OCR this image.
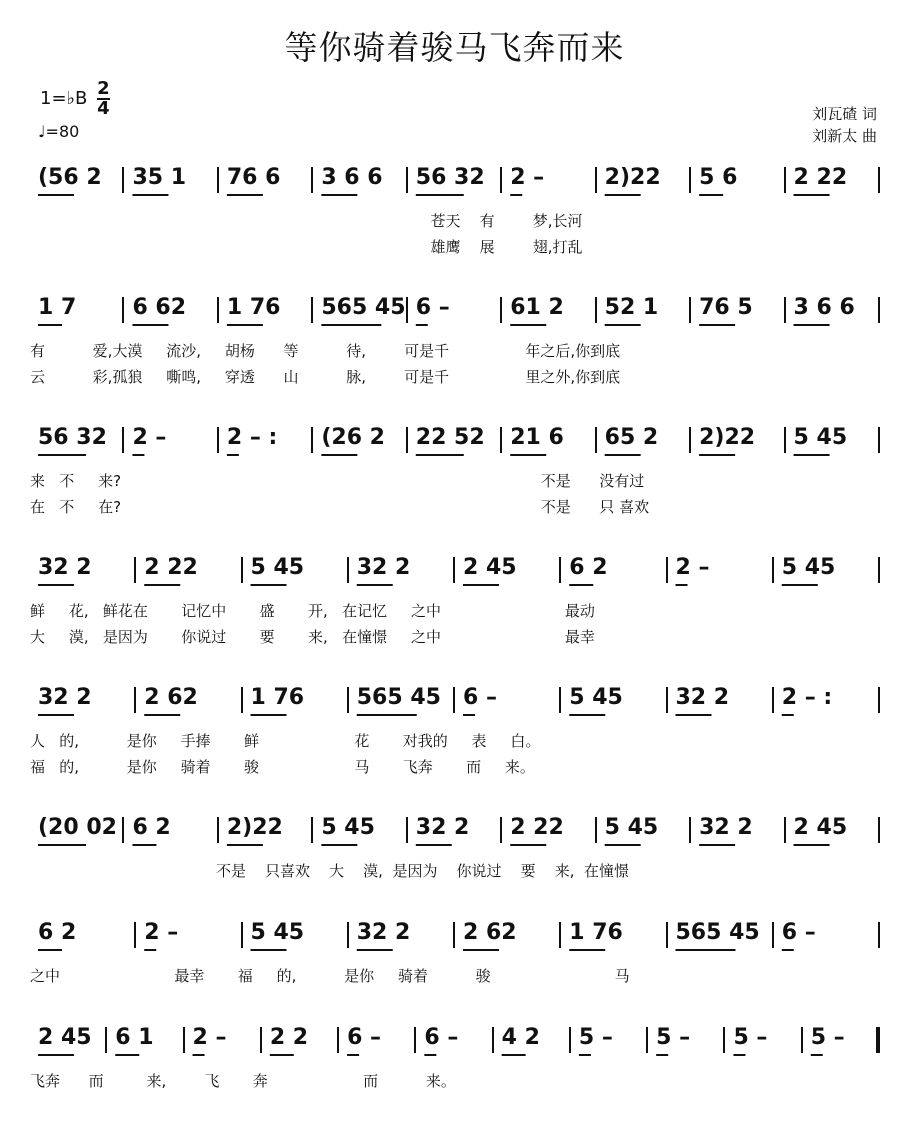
等你骑着骏马飞奔而来
1=♭B $\frac{2}{4}$
♩=80
刘瓦碴 词
刘新太 曲
(56 2	35 1	76 6	3 6 6	56 32	2 –	2)22	5 6	2 22
苍天    有        梦,长河
雄鹰    展        翅,打乱
1 7	6 62	1 76	565 45 6 –	61 2	52 1	76 5	3 6 6
有          爱,大漠     流沙,     胡杨      等          待,        可是千                年之后,你到底
云          彩,孤狼     嘶鸣,     穿透      山          脉,        可是千                里之外,你到底
56 32	2 –	2 – :	(26 2	22 52	21 6	65 2	2)22	5 45
来   不     来?                                                                                        不是      没有过
在   不     在?                                                                                        不是      只 喜欢
32 2	2 22	5 45	32 2	2 45	6 2	2 –	5 45
鲜     花,   鲜花在       记忆中       盛       开,   在记忆     之中                          最动
大     漠,   是因为       你说过       要       来,   在憧憬     之中                          最幸
32 2	2 62	1 76	565 45	6 –	5 45	32 2	2 – :
人   的,          是你     手捧       鲜                    花       对我的     表     白。
福   的,          是你     骑着       骏                    马       飞奔       而     来。
(20 02 6 2	2)22	5 45	32 2	2 22	5 45	32 2	2 45
不是    只喜欢    大    漠,  是因为    你说过    要    来,  在憧憬
6 2	2 –	5 45	32 2	2 62	1 76	565 45	6 –
之中                        最幸       福     的,          是你     骑着          骏                          马
2 45	6 1	2 –	2 2	6 –	6 –	4 2	5 –	5 –	5 –	5 –
飞奔      而         来,        飞       奔                    而          来。
